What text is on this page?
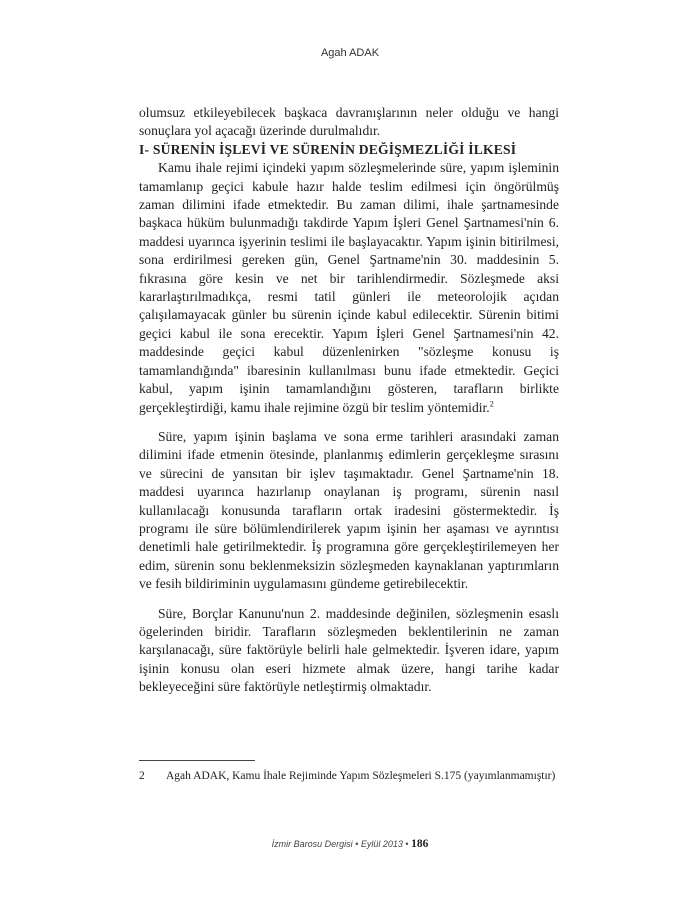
Agah ADAK

olumsuz etkileyebilecek başkaca davranışlarının neler olduğu ve hangi sonuçlara yol açacağı üzerinde durulmalıdır.

I- SÜRENİN İŞLEVİ VE SÜRENİN DEĞİŞMEZLİĞİ İLKESİ

Kamu ihale rejimi içindeki yapım sözleşmelerinde süre, yapım işleminin tamamlanıp geçici kabule hazır halde teslim edilmesi için öngörülmüş zaman dilimini ifade etmektedir. Bu zaman dilimi, ihale şartnamesinde başkaca hüküm bulunmadığı takdirde Yapım İşleri Genel Şartnamesi'nin 6. maddesi uyarınca işyerinin teslimi ile başlayacaktır. Yapım işinin bitirilmesi, sona erdirilmesi gereken gün, Genel Şartname'nin 30. maddesinin 5. fıkrasına göre kesin ve net bir tarihlendirmedir. Sözleşmede aksi kararlaştırılmadıkça, resmi tatil günleri ile meteorolojik açıdan çalışılamayacak günler bu sürenin içinde kabul edilecektir. Sürenin bitimi geçici kabul ile sona erecektir. Yapım İşleri Genel Şartnamesi'nin 42. maddesinde geçici kabul düzenlenirken "sözleşme konusu iş tamamlandığında" ibaresinin kullanılması bunu ifade etmektedir. Geçici kabul, yapım işinin tamamlandığını gösteren, tarafların birlikte gerçekleştirdiği, kamu ihale rejimine özgü bir teslim yöntemidir.$^2$

Süre, yapım işinin başlama ve sona erme tarihleri arasındaki zaman dilimini ifade etmenin ötesinde, planlanmış edimlerin gerçekleşme sırasını ve sürecini de yansıtan bir işlev taşımaktadır. Genel Şartname'nin 18. maddesi uyarınca hazırlanıp onaylanan iş programı, sürenin nasıl kullanılacağı konusunda tarafların ortak iradesini göstermektedir. İş programı ile süre bölümlendirilerek yapım işinin her aşaması ve ayrıntısı denetimli hale getirilmektedir. İş programına göre gerçekleştirilemeyen her edim, sürenin sonu beklenmeksizin sözleşmeden kaynaklanan yaptırımların ve fesih bildiriminin uygulamasını gündeme getirebilecektir.

Süre, Borçlar Kanunu'nun 2. maddesinde değinilen, sözleşmenin esaslı ögelerinden biridir. Tarafların sözleşmeden beklentilerinin ne zaman karşılanacağı, süre faktörüyle belirli hale gelmektedir. İşveren idare, yapım işinin konusu olan eseri hizmete almak üzere, hangi tarihe kadar bekleyeceğini süre faktörüyle netleştirmiş olmaktadır.

2 Agah ADAK, Kamu İhale Rejiminde Yapım Sözleşmeleri S.175 (yayımlanmamıştır)
İzmir Barosu Dergisi • Eylül 2013 • 186
